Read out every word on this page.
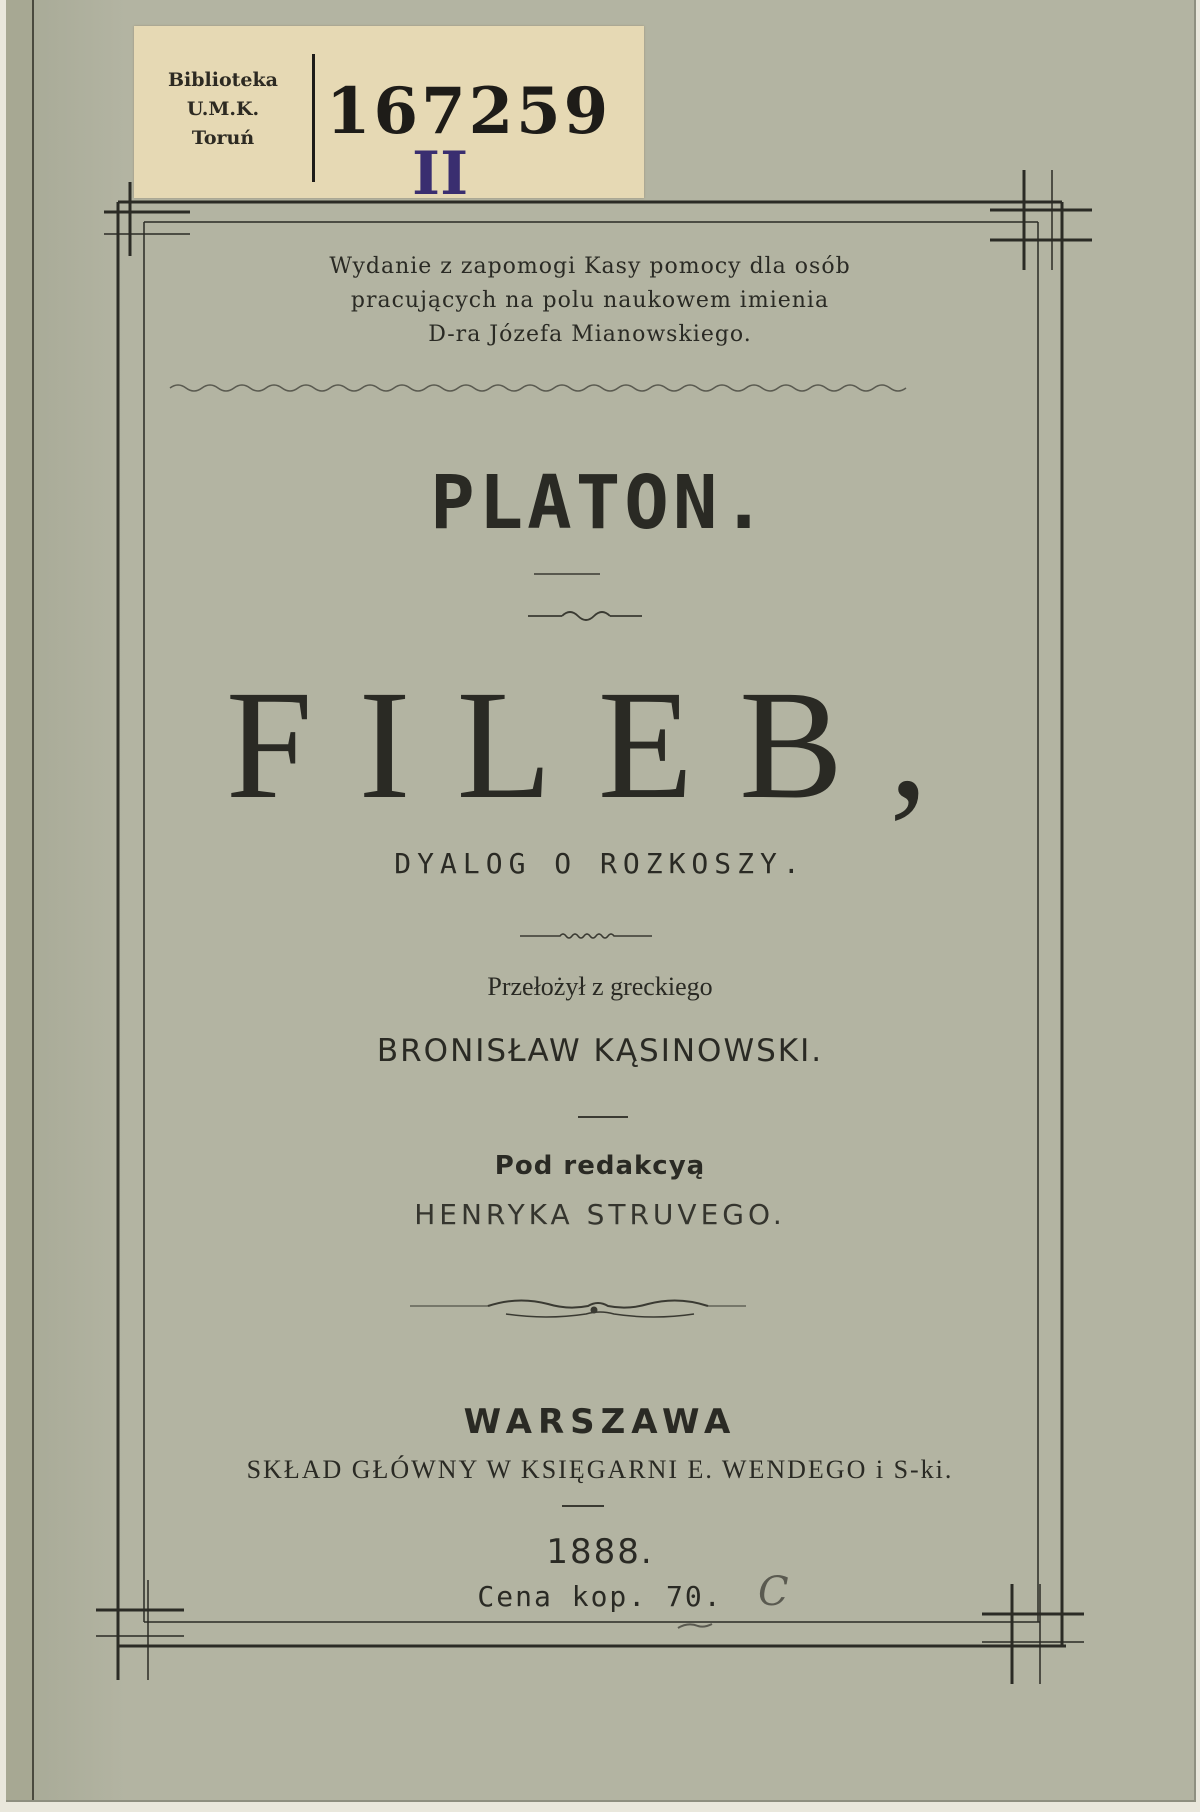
Biblioteka
U.M.K.
Toruń	167259
II
Wydanie z zapomogi Kasy pomocy dla osób
pracujących na polu naukowem imienia
D-ra Józefa Mianowskiego.
PLATON.
FILEB,
DYALOG O ROZKOSZY.
Przełożył z greckiego
BRONISŁAW KĄSINOWSKI.
Pod redakcyą
HENRYKA STRUVEGO.
WARSZAWA
SKŁAD GŁÓWNY W KSIĘGARNI E. WENDEGO i S-ki.
1888.
Cena kop. 70. C
